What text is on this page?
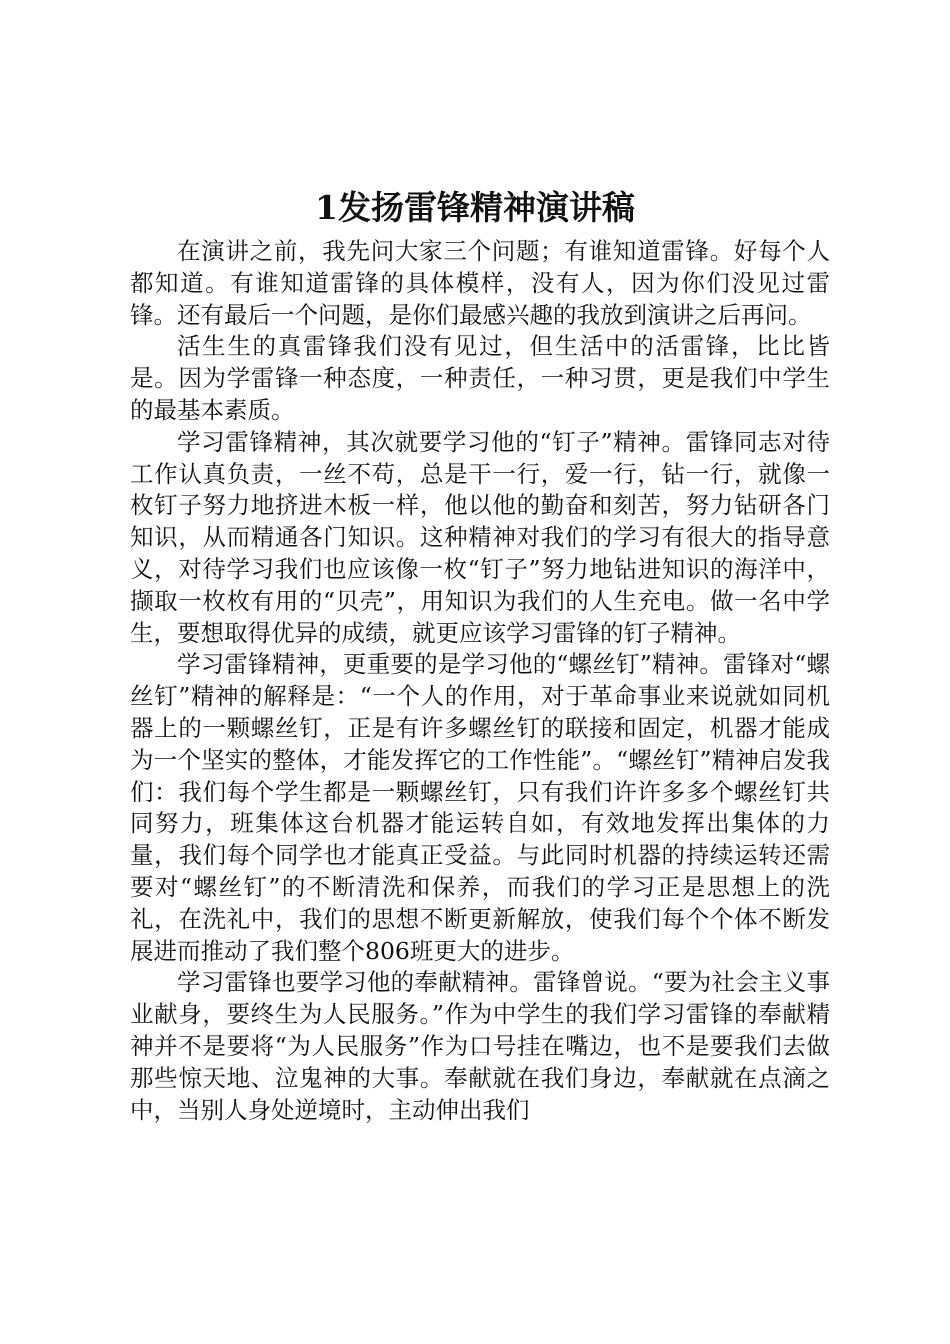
1发扬雷锋精神演讲稿

在演讲之前，我先问大家三个问题；有谁知道雷锋。好每个人都知道。有谁知道雷锋的具体模样，没有人，因为你们没见过雷锋。还有最后一个问题，是你们最感兴趣的我放到演讲之后再问。

活生生的真雷锋我们没有见过，但生活中的活雷锋，比比皆是。因为学雷锋一种态度，一种责任，一种习贯，更是我们中学生的最基本素质。

学习雷锋精神，其次就要学习他的“钉子”精神。雷锋同志对待工作认真负责，一丝不苟，总是干一行，爱一行，钻一行，就像一枚钉子努力地挤进木板一样，他以他的勤奋和刻苦，努力钻研各门知识，从而精通各门知识。这种精神对我们的学习有很大的指导意义，对待学习我们也应该像一枚“钉子”努力地钻进知识的海洋中，撷取一枚枚有用的“贝壳”，用知识为我们的人生充电。做一名中学生，要想取得优异的成绩，就更应该学习雷锋的钉子精神。

学习雷锋精神，更重要的是学习他的“螺丝钉”精神。雷锋对“螺丝钉”精神的解释是：“一个人的作用，对于革命事业来说就如同机器上的一颗螺丝钉，正是有许多螺丝钉的联接和固定，机器才能成为一个坚实的整体，才能发挥它的工作性能”。“螺丝钉”精神启发我们：我们每个学生都是一颗螺丝钉，只有我们许许多多个螺丝钉共同努力，班集体这台机器才能运转自如，有效地发挥出集体的力量，我们每个同学也才能真正受益。与此同时机器的持续运转还需要对“螺丝钉”的不断清洗和保养，而我们的学习正是思想上的洗礼，在洗礼中，我们的思想不断更新解放，使我们每个个体不断发展进而推动了我们整个806班更大的进步。

学习雷锋也要学习他的奉献精神。雷锋曾说。“要为社会主义事业献身，要终生为人民服务。”作为中学生的我们学习雷锋的奉献精神并不是要将“为人民服务”作为口号挂在嘴边，也不是要我们去做那些惊天地、泣鬼神的大事。奉献就在我们身边，奉献就在点滴之中，当别人身处逆境时，主动伸出我们
